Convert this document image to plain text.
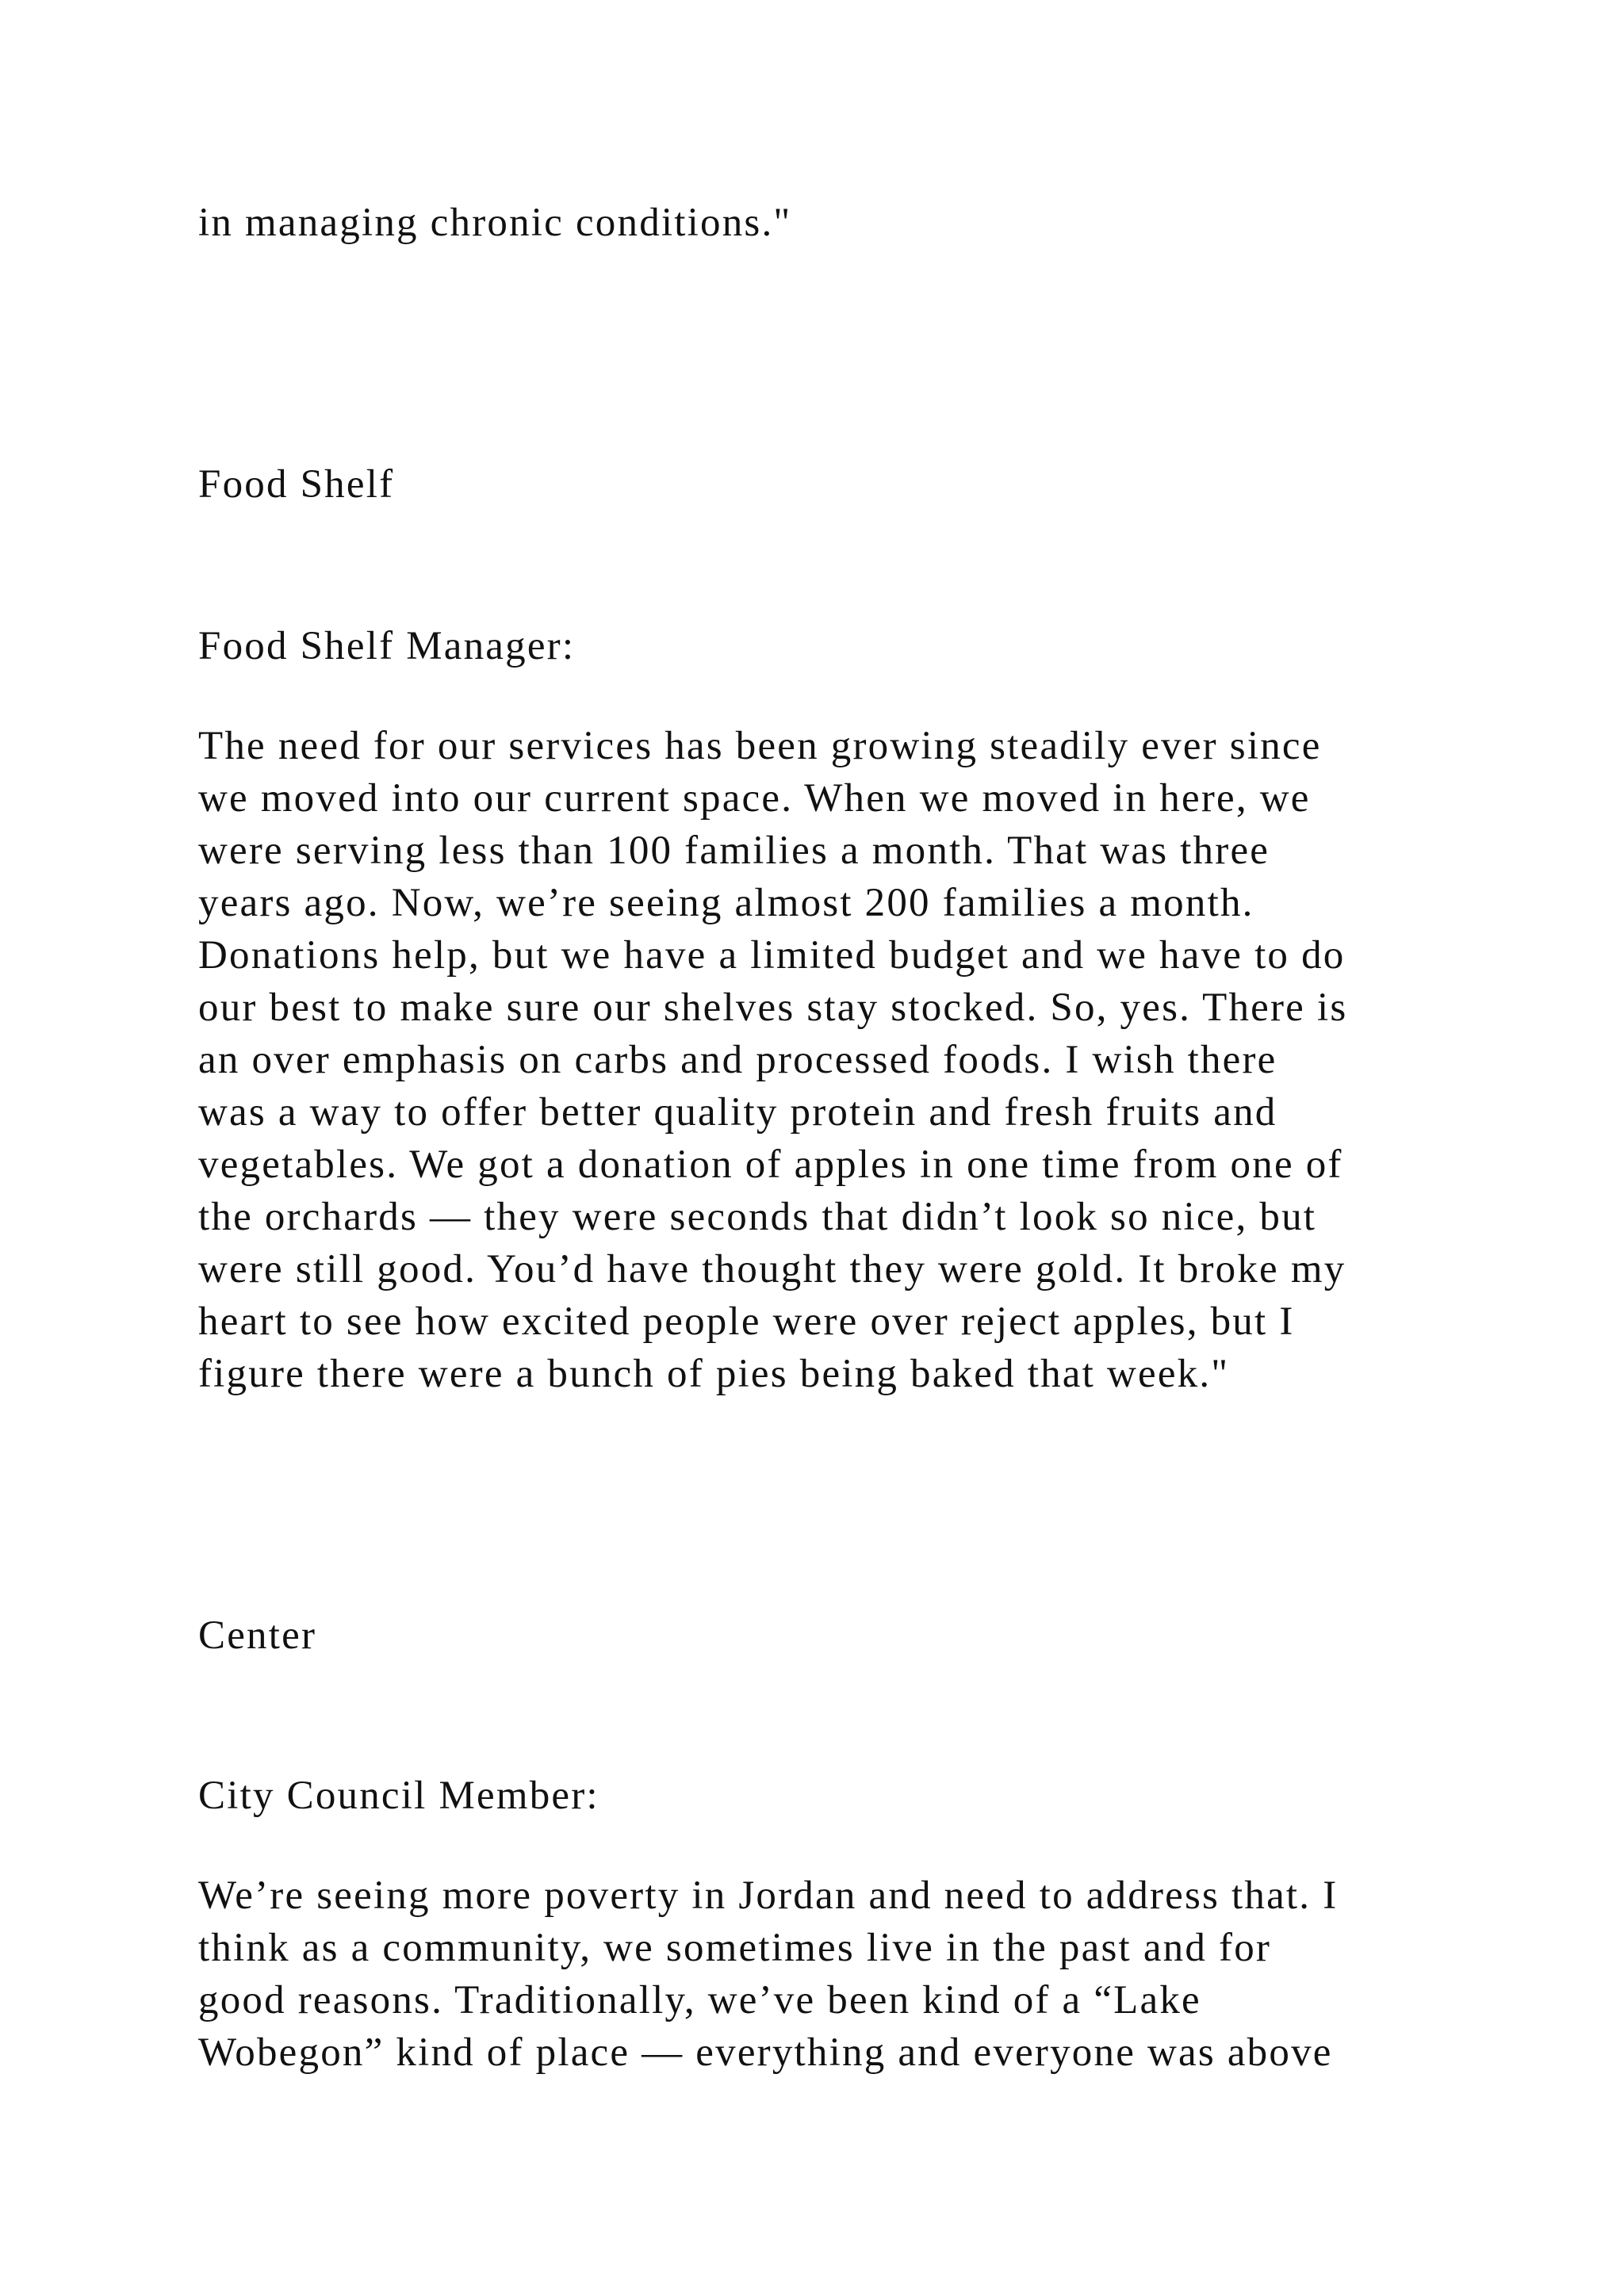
in managing chronic conditions."

Food Shelf

Food Shelf Manager:

The need for our services has been growing steadily ever since
we moved into our current space. When we moved in here, we
were serving less than 100 families a month. That was three
years ago. Now, we’re seeing almost 200 families a month.
Donations help, but we have a limited budget and we have to do
our best to make sure our shelves stay stocked. So, yes. There is
an over emphasis on carbs and processed foods. I wish there
was a way to offer better quality protein and fresh fruits and
vegetables. We got a donation of apples in one time from one of
the orchards — they were seconds that didn’t look so nice, but
were still good. You’d have thought they were gold. It broke my
heart to see how excited people were over reject apples, but I
figure there were a bunch of pies being baked that week."

Center

City Council Member:

We’re seeing more poverty in Jordan and need to address that. I
think as a community, we sometimes live in the past and for
good reasons. Traditionally, we’ve been kind of a “Lake
Wobegon” kind of place — everything and everyone was above
